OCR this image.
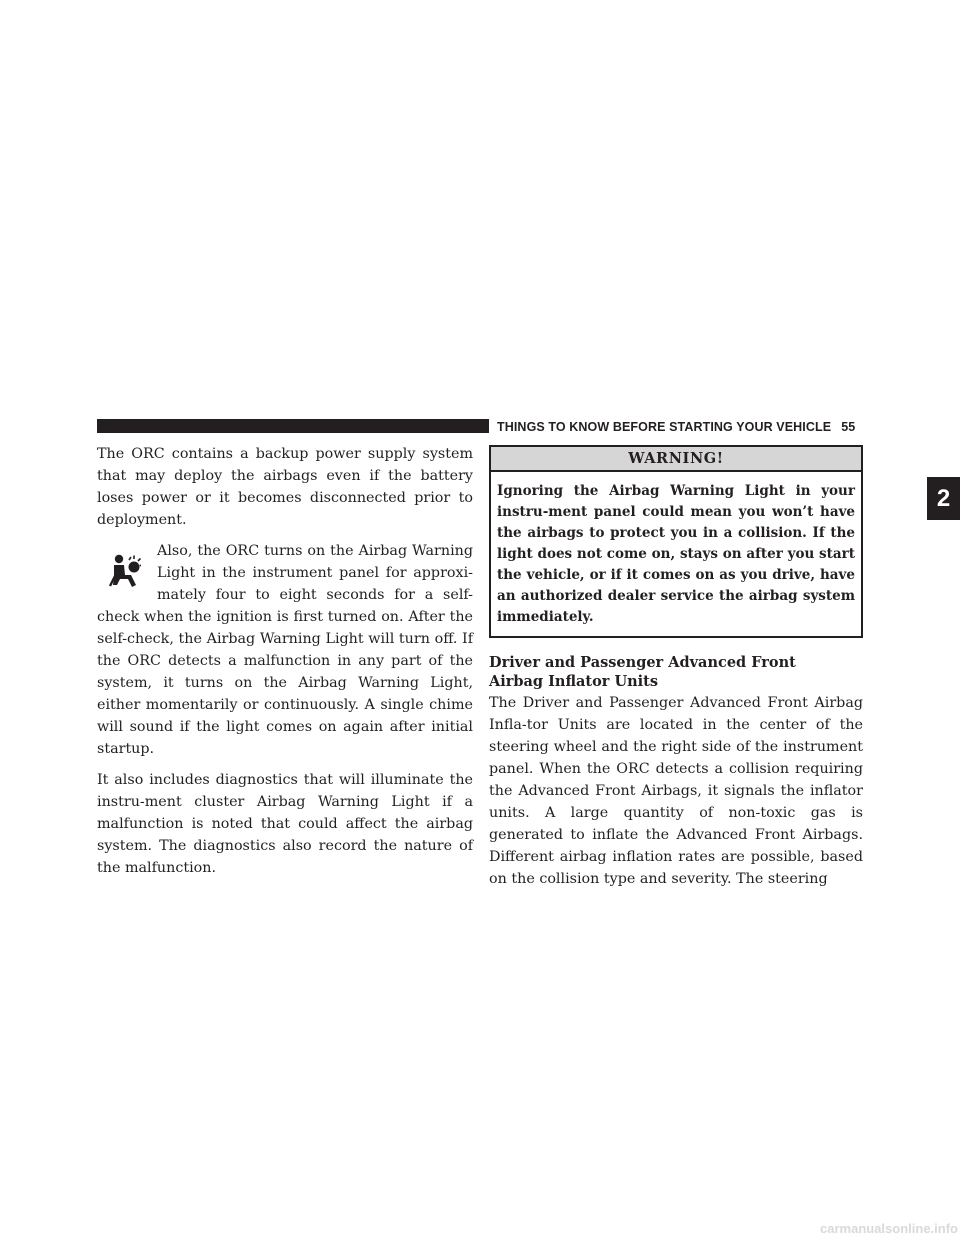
THINGS TO KNOW BEFORE STARTING YOUR VEHICLE 55
2

The ORC contains a backup power supply system that may deploy the airbags even if the battery loses power or it becomes disconnected prior to deployment.

Also, the ORC turns on the Airbag Warning Light in the instrument panel for approxi-mately four to eight seconds for a self-check when the ignition is first turned on. After the self-check, the Airbag Warning Light will turn off. If the ORC detects a malfunction in any part of the system, it turns on the Airbag Warning Light, either momentarily or continuously. A single chime will sound if the light comes on again after initial startup.

It also includes diagnostics that will illuminate the instru-ment cluster Airbag Warning Light if a malfunction is noted that could affect the airbag system. The diagnostics also record the nature of the malfunction.

WARNING!
Ignoring the Airbag Warning Light in your instru-ment panel could mean you won’t have the airbags to protect you in a collision. If the light does not come on, stays on after you start the vehicle, or if it comes on as you drive, have an authorized dealer service the airbag system immediately.
Driver and Passenger Advanced Front Airbag Inflator Units

The Driver and Passenger Advanced Front Airbag Infla-tor Units are located in the center of the steering wheel and the right side of the instrument panel. When the ORC detects a collision requiring the Advanced Front Airbags, it signals the inflator units. A large quantity of non-toxic gas is generated to inflate the Advanced Front Airbags. Different airbag inflation rates are possible, based on the collision type and severity. The steering

carmanualsonline.info
